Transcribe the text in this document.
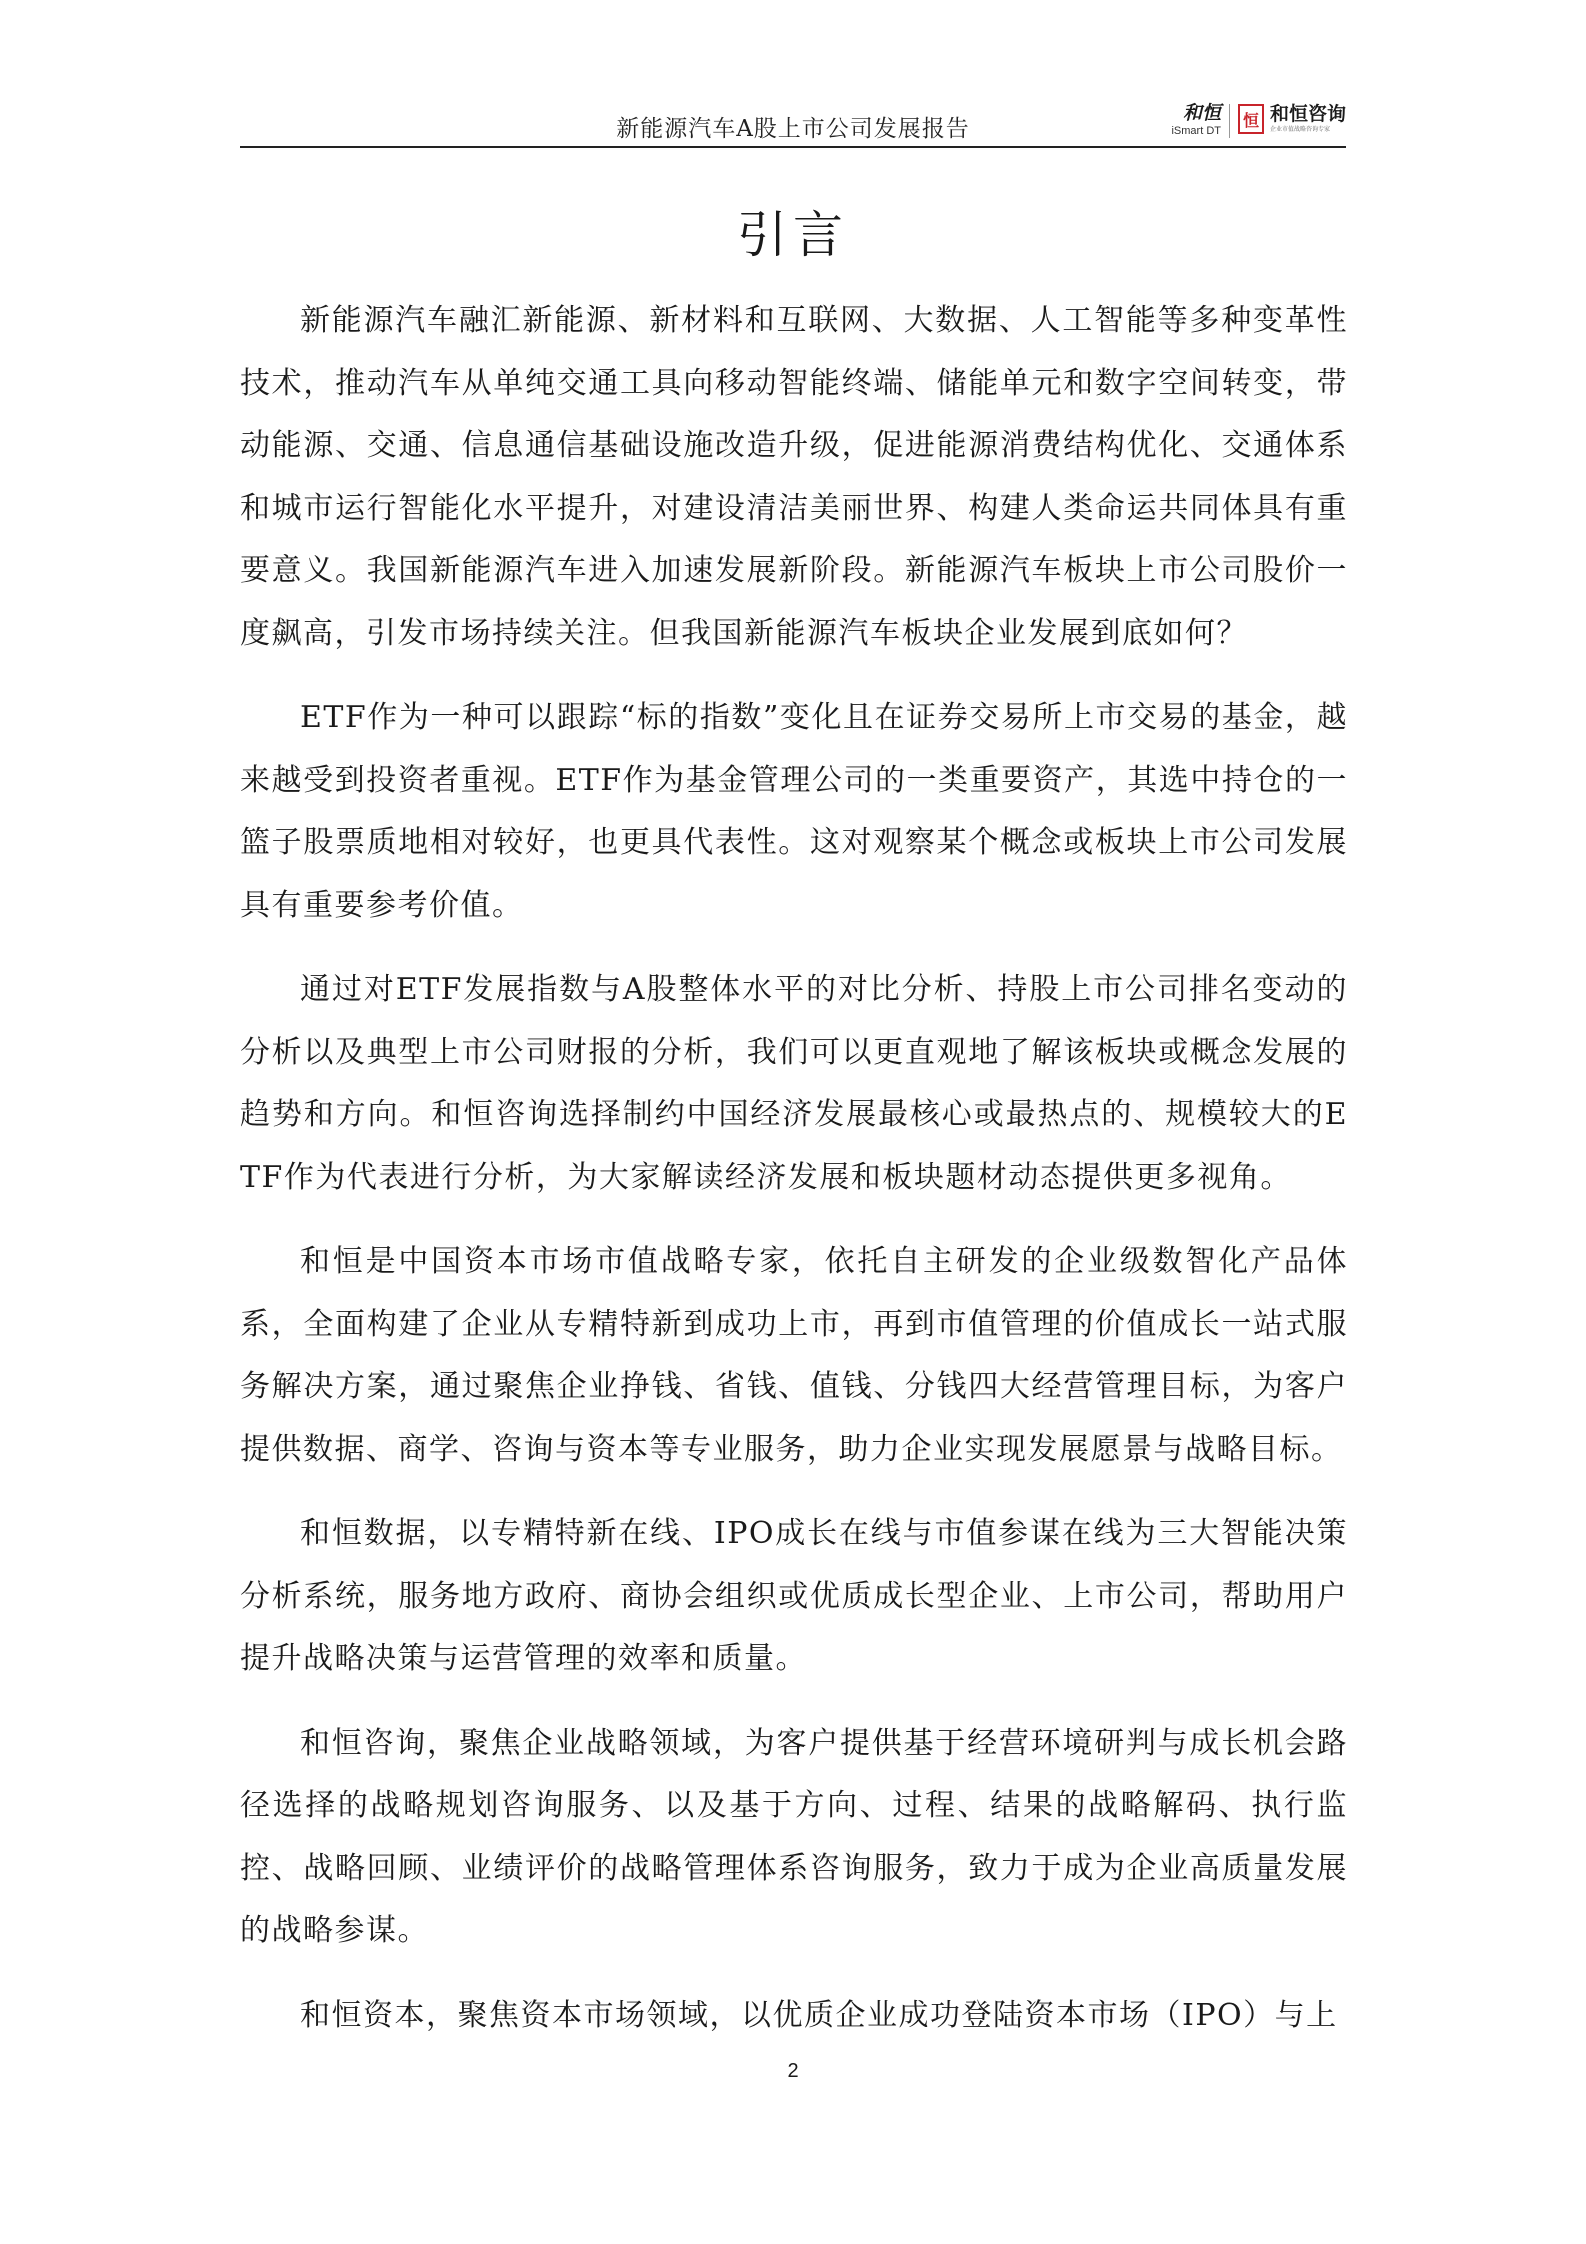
新能源汽车A股上市公司发展报告
和恒
iSmart DT
恒 和恒咨询
企业市值战略咨询专家
引言

新能源汽车融汇新能源、新材料和互联网、大数据、人工智能等多种变革性技术，推动汽车从单纯交通工具向移动智能终端、储能单元和数字空间转变，带动能源、交通、信息通信基础设施改造升级，促进能源消费结构优化、交通体系和城市运行智能化水平提升，对建设清洁美丽世界、构建人类命运共同体具有重要意义。我国新能源汽车进入加速发展新阶段。新能源汽车板块上市公司股价一度飙高，引发市场持续关注。但我国新能源汽车板块企业发展到底如何？

ETF作为一种可以跟踪“标的指数”变化且在证券交易所上市交易的基金，越来越受到投资者重视。ETF作为基金管理公司的一类重要资产，其选中持仓的一篮子股票质地相对较好，也更具代表性。这对观察某个概念或板块上市公司发展具有重要参考价值。

通过对ETF发展指数与A股整体水平的对比分析、持股上市公司排名变动的分析以及典型上市公司财报的分析，我们可以更直观地了解该板块或概念发展的趋势和方向。和恒咨询选择制约中国经济发展最核心或最热点的、规模较大的ETF作为代表进行分析，为大家解读经济发展和板块题材动态提供更多视角。

和恒是中国资本市场市值战略专家，依托自主研发的企业级数智化产品体系，全面构建了企业从专精特新到成功上市，再到市值管理的价值成长一站式服务解决方案，通过聚焦企业挣钱、省钱、值钱、分钱四大经营管理目标，为客户提供数据、商学、咨询与资本等专业服务，助力企业实现发展愿景与战略目标。

和恒数据，以专精特新在线、IPO成长在线与市值参谋在线为三大智能决策分析系统，服务地方政府、商协会组织或优质成长型企业、上市公司，帮助用户提升战略决策与运营管理的效率和质量。

和恒咨询，聚焦企业战略领域，为客户提供基于经营环境研判与成长机会路径选择的战略规划咨询服务、以及基于方向、过程、结果的战略解码、执行监控、战略回顾、业绩评价的战略管理体系咨询服务，致力于成为企业高质量发展的战略参谋。

和恒资本，聚焦资本市场领域，以优质企业成功登陆资本市场（IPO）与上

2
